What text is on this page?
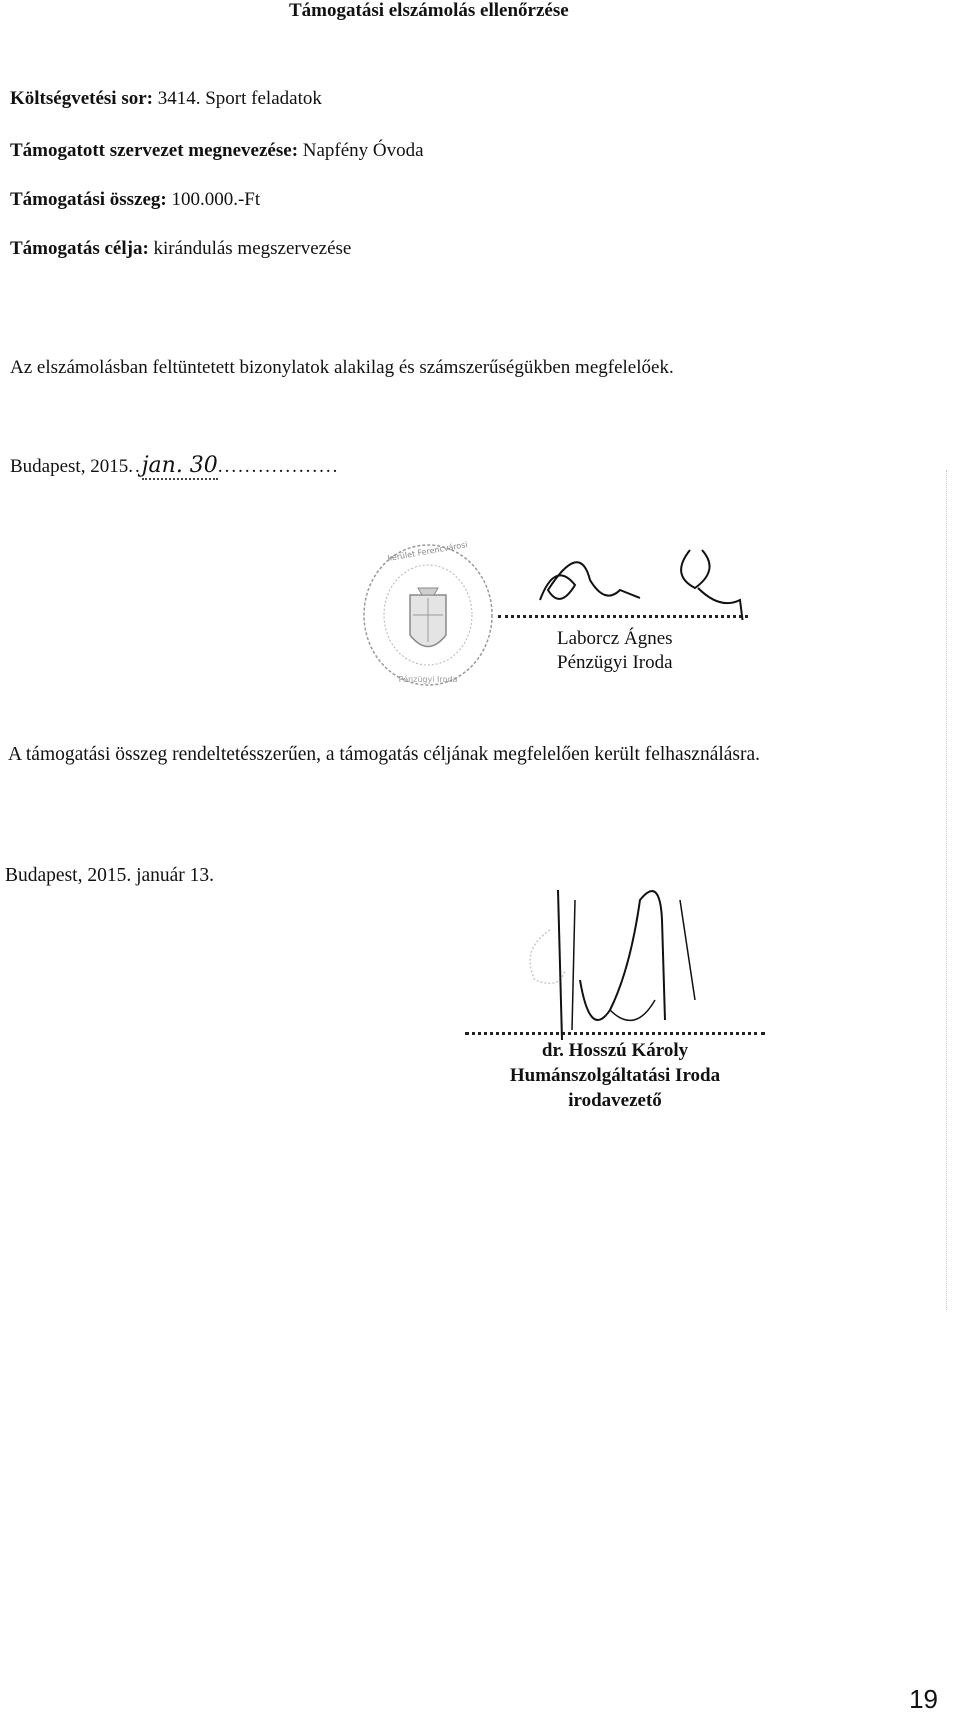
Támogatási elszámolás ellenőrzése
Költségvetési sor: 3414. Sport feladatok
Támogatott szervezet megnevezése: Napfény Óvoda
Támogatási összeg: 100.000.-Ft
Támogatás célja: kirándulás megszervezése
Az elszámolásban feltüntetett bizonylatok alakilag és számszerűségükben megfelelőek.
Budapest, 2015..jan. 30..................
kerület Ferencvárosi
Pénzügyi Iroda
Laborcz Ágnes
Pénzügyi Iroda
A támogatási összeg rendeltetésszerűen, a támogatás céljának megfelelően került felhasználásra.
Budapest, 2015. január 13.
dr. Hosszú Károly
Humánszolgáltatási Iroda
irodavezető
19
